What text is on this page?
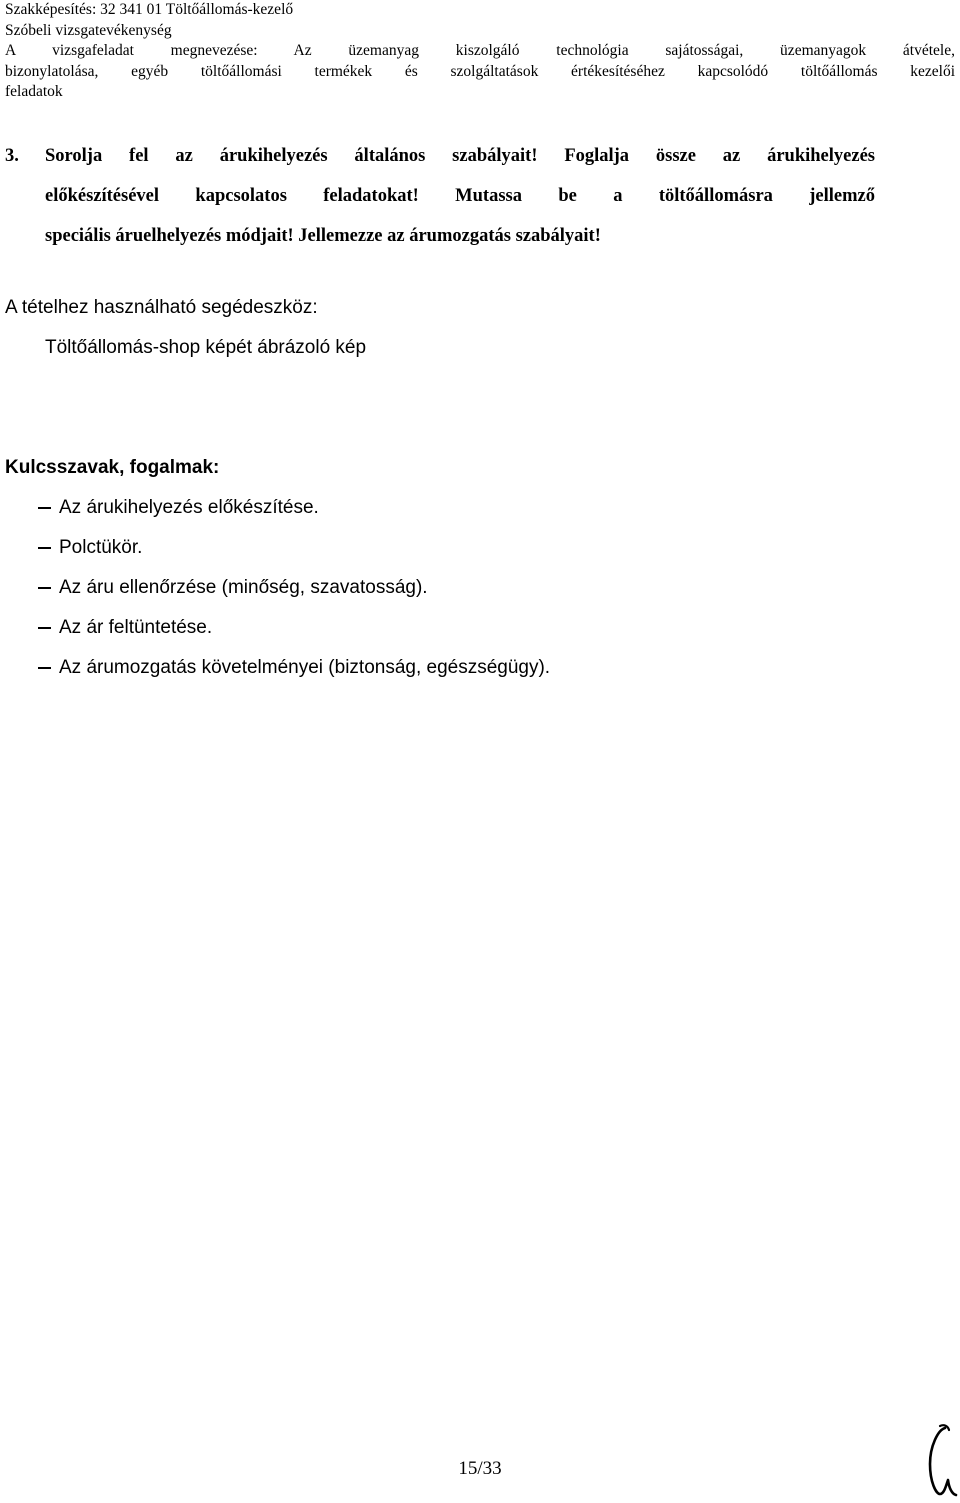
Szakképesítés: 32 341 01 Töltőállomás-kezelő
Szóbeli vizsgatevékenység
A vizsgafeladat megnevezése: Az üzemanyag kiszolgáló technológia sajátosságai, üzemanyagok átvétele,
bizonylatolása, egyéb töltőállomási termékek és szolgáltatások értékesítéséhez kapcsolódó töltőállomás kezelői
feladatok
3. Sorolja fel az árukihelyezés általános szabályait! Foglalja össze az árukihelyezés
előkészítésével kapcsolatos feladatokat! Mutassa be a töltőállomásra jellemző
speciális áruelhelyezés módjait! Jellemezze az árumozgatás szabályait!
A tételhez használható segédeszköz:
Töltőállomás-shop képét ábrázoló kép
Kulcsszavak, fogalmak:
Az árukihelyezés előkészítése.
Polctükör.
Az áru ellenőrzése (minőség, szavatosság).
Az ár feltüntetése.
Az árumozgatás követelményei (biztonság, egészségügy).
15/33
